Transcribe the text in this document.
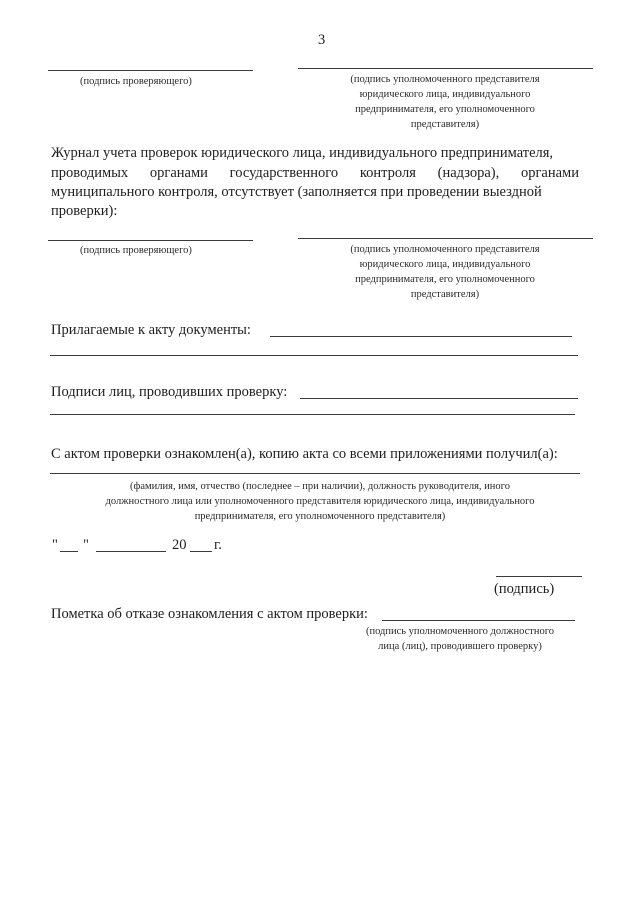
3
(подпись проверяющего)	(подпись уполномоченного представителя
юридического лица, индивидуального
предпринимателя, его уполномоченного
представителя)
Журнал учета проверок юридического лица, индивидуального предпринимателя,
проводимых органами государственного контроля (надзора), органами
муниципального контроля, отсутствует (заполняется при проведении выездной
проверки):
(подпись проверяющего)	(подпись уполномоченного представителя
юридического лица, индивидуального
предпринимателя, его уполномоченного
представителя)
Прилагаемые к акту документы:
Подписи лиц, проводивших проверку:
С актом проверки ознакомлен(а), копию акта со всеми приложениями получил(а):
(фамилия, имя, отчество (последнее – при наличии), должность руководителя, иного
должностного лица или уполномоченного представителя юридического лица, индивидуального
предпринимателя, его уполномоченного представителя)
" "	20 г.
(подпись)
Пометка об отказе ознакомления с актом проверки:
(подпись уполномоченного должностного
лица (лиц), проводившего проверку)
